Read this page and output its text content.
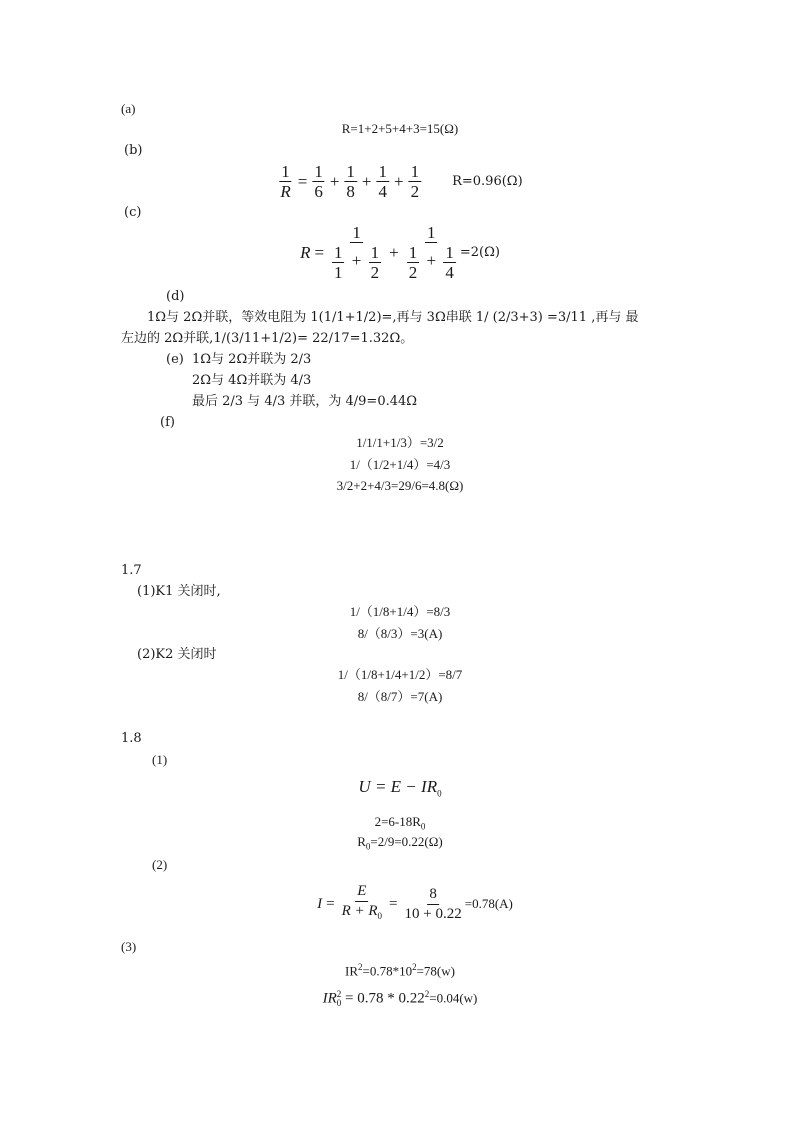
(a)
R=1+2+5+4+3=15(Ω)
(b)
$\frac{1}{R} = \frac{1}{6} + \frac{1}{8} + \frac{1}{4} + \frac{1}{2} R=0.96(\Omega)$
(c)
$R = \frac{1}{\frac{1}{1} + \frac{1}{2}} + \frac{1}{\frac{1}{2} + \frac{1}{4}} =2(\Omega)$
(d)
1Ω与 2Ω并联，等效电阻为 1(1/1+1/2)=,再与 3Ω串联 1/ (2/3+3) =3/11 ,再与 最
左边的 2Ω并联,1/(3/11+1/2)= 22/17=1.32Ω。
(e) 1Ω与 2Ω并联为 2/3
2Ω与 4Ω并联为 4/3
最后 2/3 与 4/3 并联，为 4/9=0.44Ω
(f)
1/1/1+1/3）=3/2
1/（1/2+1/4）=4/3
3/2+2+4/3=29/6=4.8(Ω)
1.7
(1)K1 关闭时,
1/（1/8+1/4）=8/3
8/（8/3）=3(A)
(2)K2 关闭时
1/（1/8+1/4+1/2）=8/7
8/（8/7）=7(A)
1.8
(1)
$U = E - IR_0$
$2=6-18R_0$
$R_0=2/9=0.22(\Omega)$
(2)
$I = \frac{E}{R + R_0} = \frac{8}{10 + 0.22} =0.78(A)$
(3)
$IR^2=0.78*10^2=78(w)$
IR 2
$0 = 0.78 * 0.22^2=0.04(w)$
